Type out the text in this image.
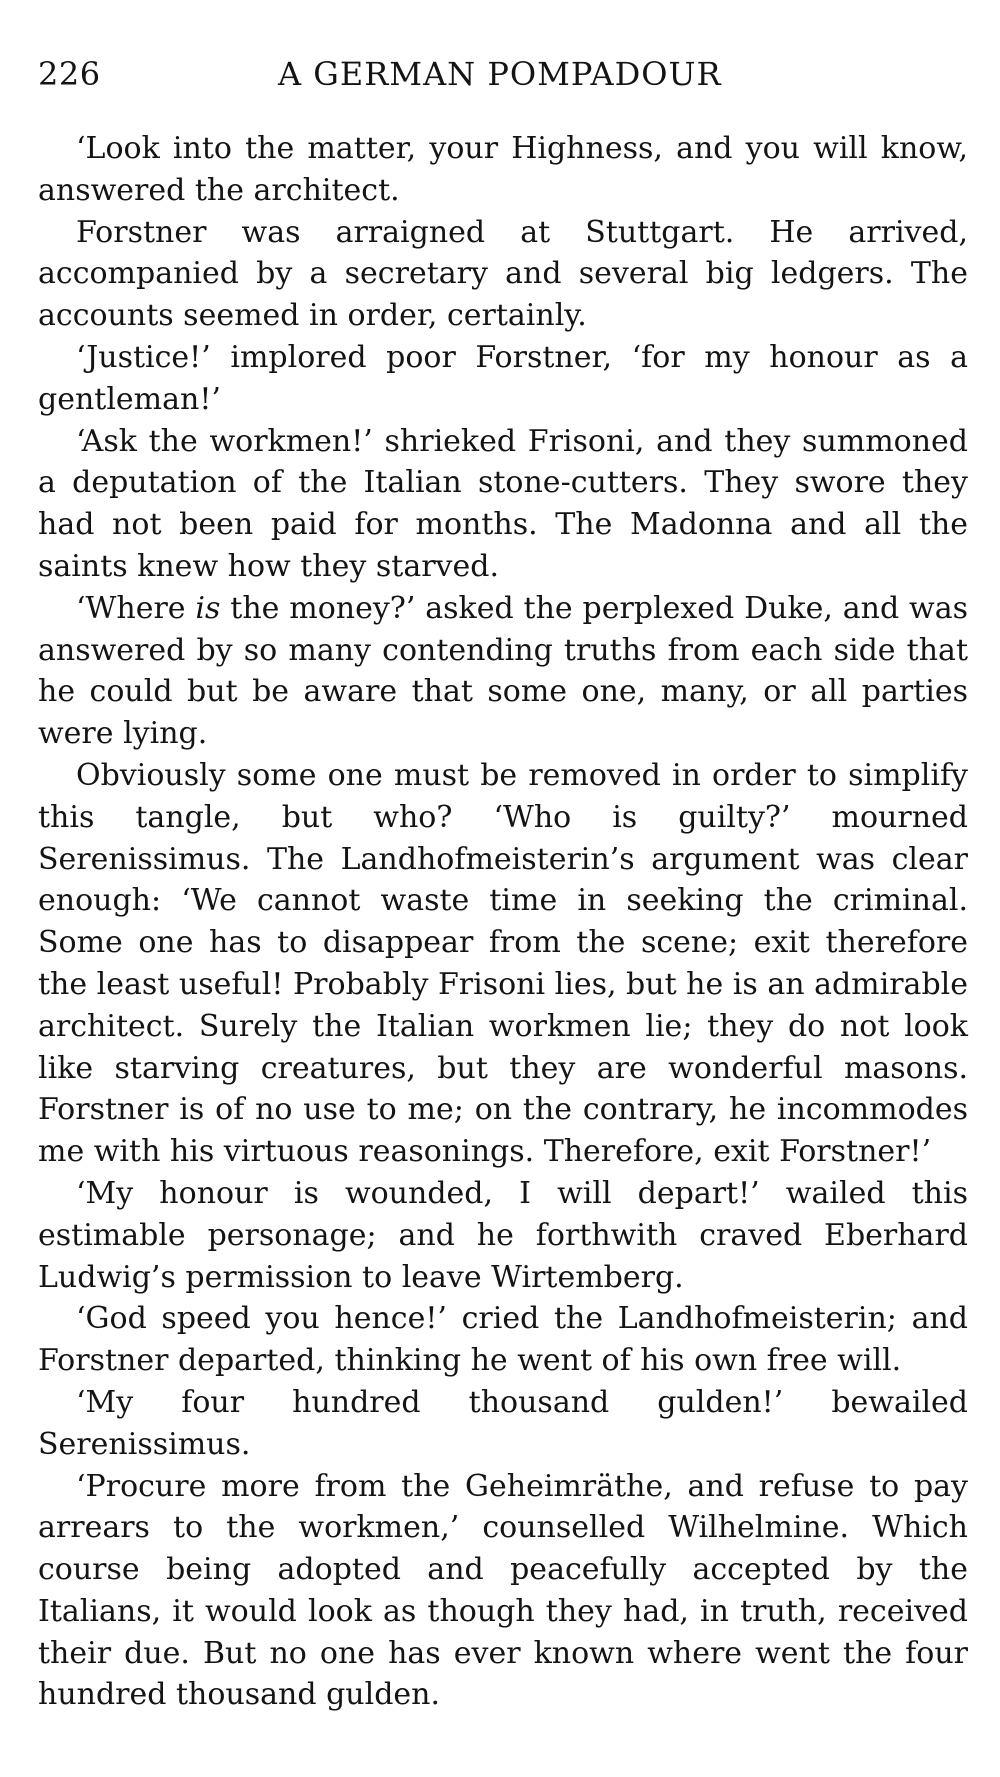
226	A GERMAN POMPADOUR

‘Look into the matter, your Highness, and you will know, answered the architect.

Forstner was arraigned at Stuttgart. He arrived, accompanied by a secretary and several big ledgers. The accounts seemed in order, certainly.

‘Justice!’ implored poor Forstner, ‘for my honour as a gentleman!’

‘Ask the workmen!’ shrieked Frisoni, and they summoned a deputation of the Italian stone-cutters. They swore they had not been paid for months. The Madonna and all the saints knew how they starved.

‘Where is the money?’ asked the perplexed Duke, and was answered by so many contending truths from each side that he could but be aware that some one, many, or all parties were lying.

Obviously some one must be removed in order to simplify this tangle, but who? ‘Who is guilty?’ mourned Serenissimus. The Landhofmeisterin’s argument was clear enough: ‘We cannot waste time in seeking the criminal. Some one has to disappear from the scene; exit therefore the least useful! Probably Frisoni lies, but he is an admirable architect. Surely the Italian workmen lie; they do not look like starving creatures, but they are wonderful masons. Forstner is of no use to me; on the contrary, he incommodes me with his virtuous reasonings. Therefore, exit Forstner!’

‘My honour is wounded, I will depart!’ wailed this estimable personage; and he forthwith craved Eberhard Ludwig’s permission to leave Wirtemberg.

‘God speed you hence!’ cried the Landhofmeisterin; and Forstner departed, thinking he went of his own free will.

‘My four hundred thousand gulden!’ bewailed Serenissimus.

‘Procure more from the Geheimräthe, and refuse to pay arrears to the workmen,’ counselled Wilhelmine. Which course being adopted and peacefully accepted by the Italians, it would look as though they had, in truth, received their due. But no one has ever known where went the four hundred thousand gulden.
